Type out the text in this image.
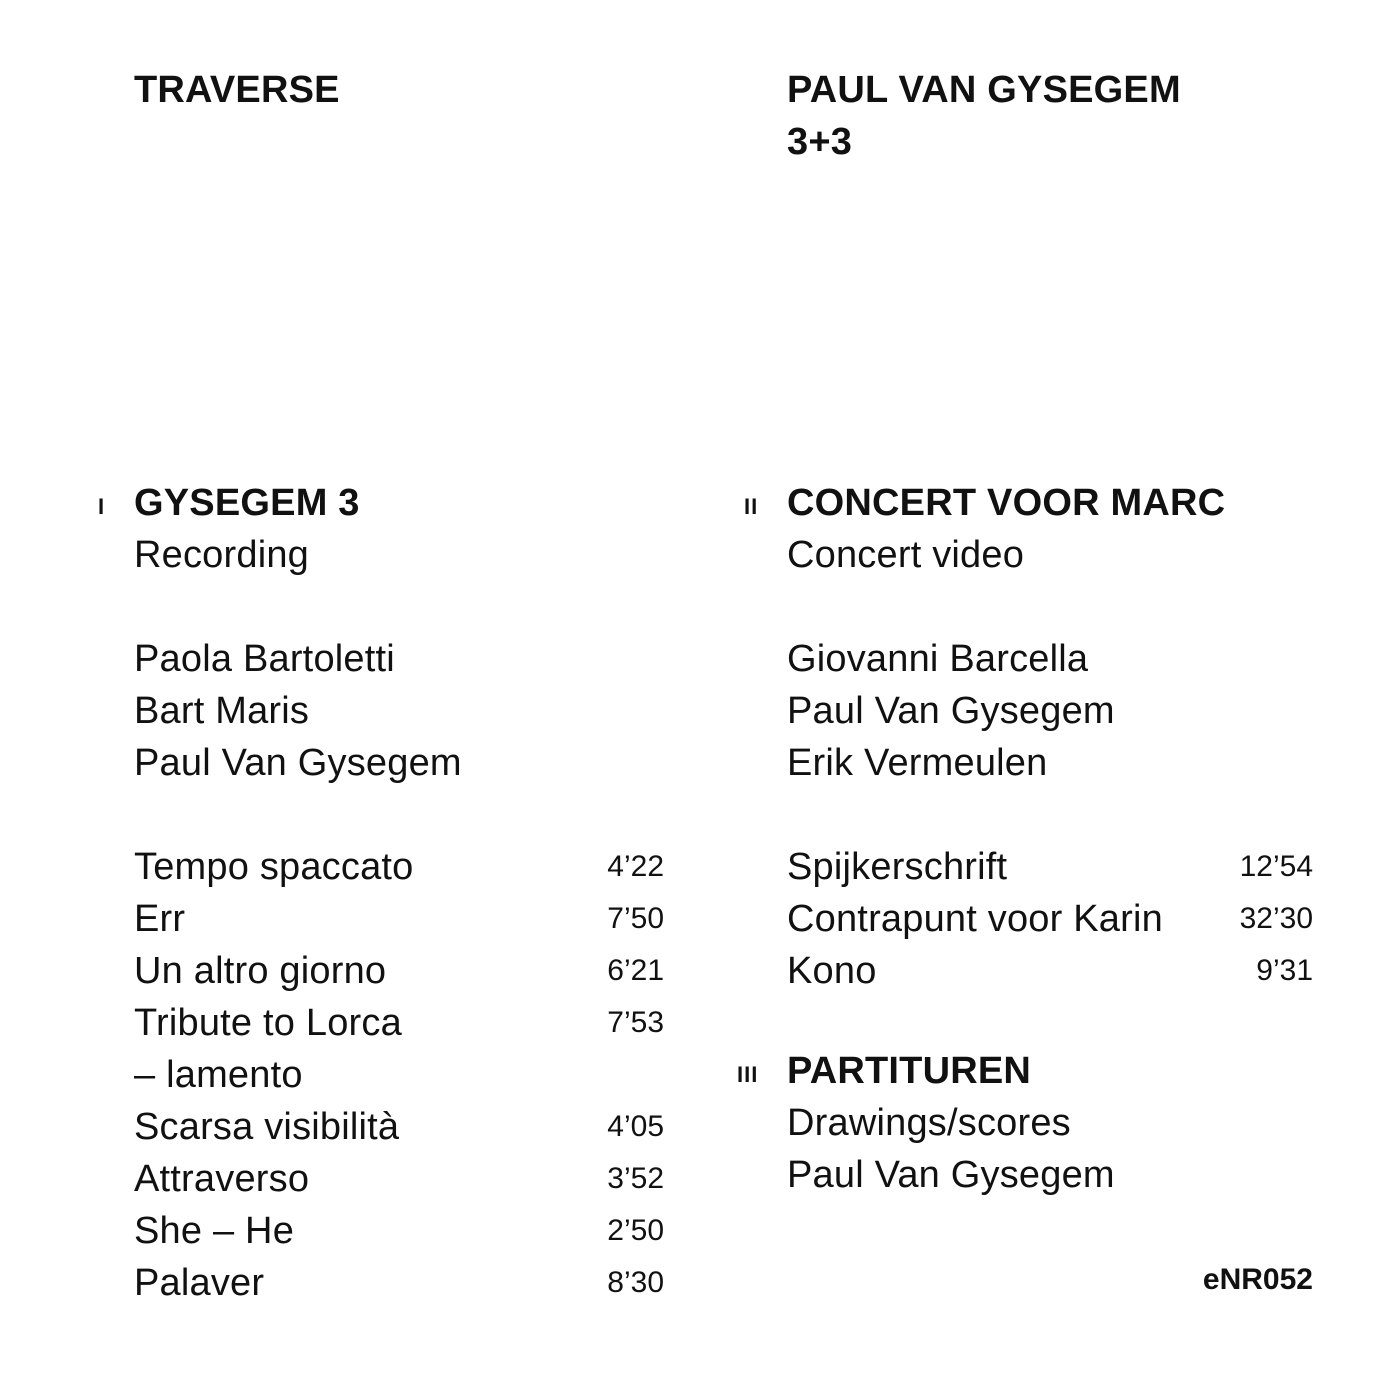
TRAVERSE	PAUL VAN GYSEGEM
3+3
I GYSEGEM 3
Recording
Paola Bartoletti
Bart Maris
Paul Van Gysegem
Tempo spaccato	4’22
Err	7’50
Un altro giorno	6’21
Tribute to Lorca	7’53
– lamento
Scarsa visibilità	4’05
Attraverso	3’52
She – He	2’50
Palaver	8’30
II CONCERT VOOR MARC
Concert video
Giovanni Barcella
Paul Van Gysegem
Erik Vermeulen
Spijkerschrift	12’54
Contrapunt voor Karin	32’30
Kono	9’31
III PARTITUREN
Drawings/scores
Paul Van Gysegem
eNR052
